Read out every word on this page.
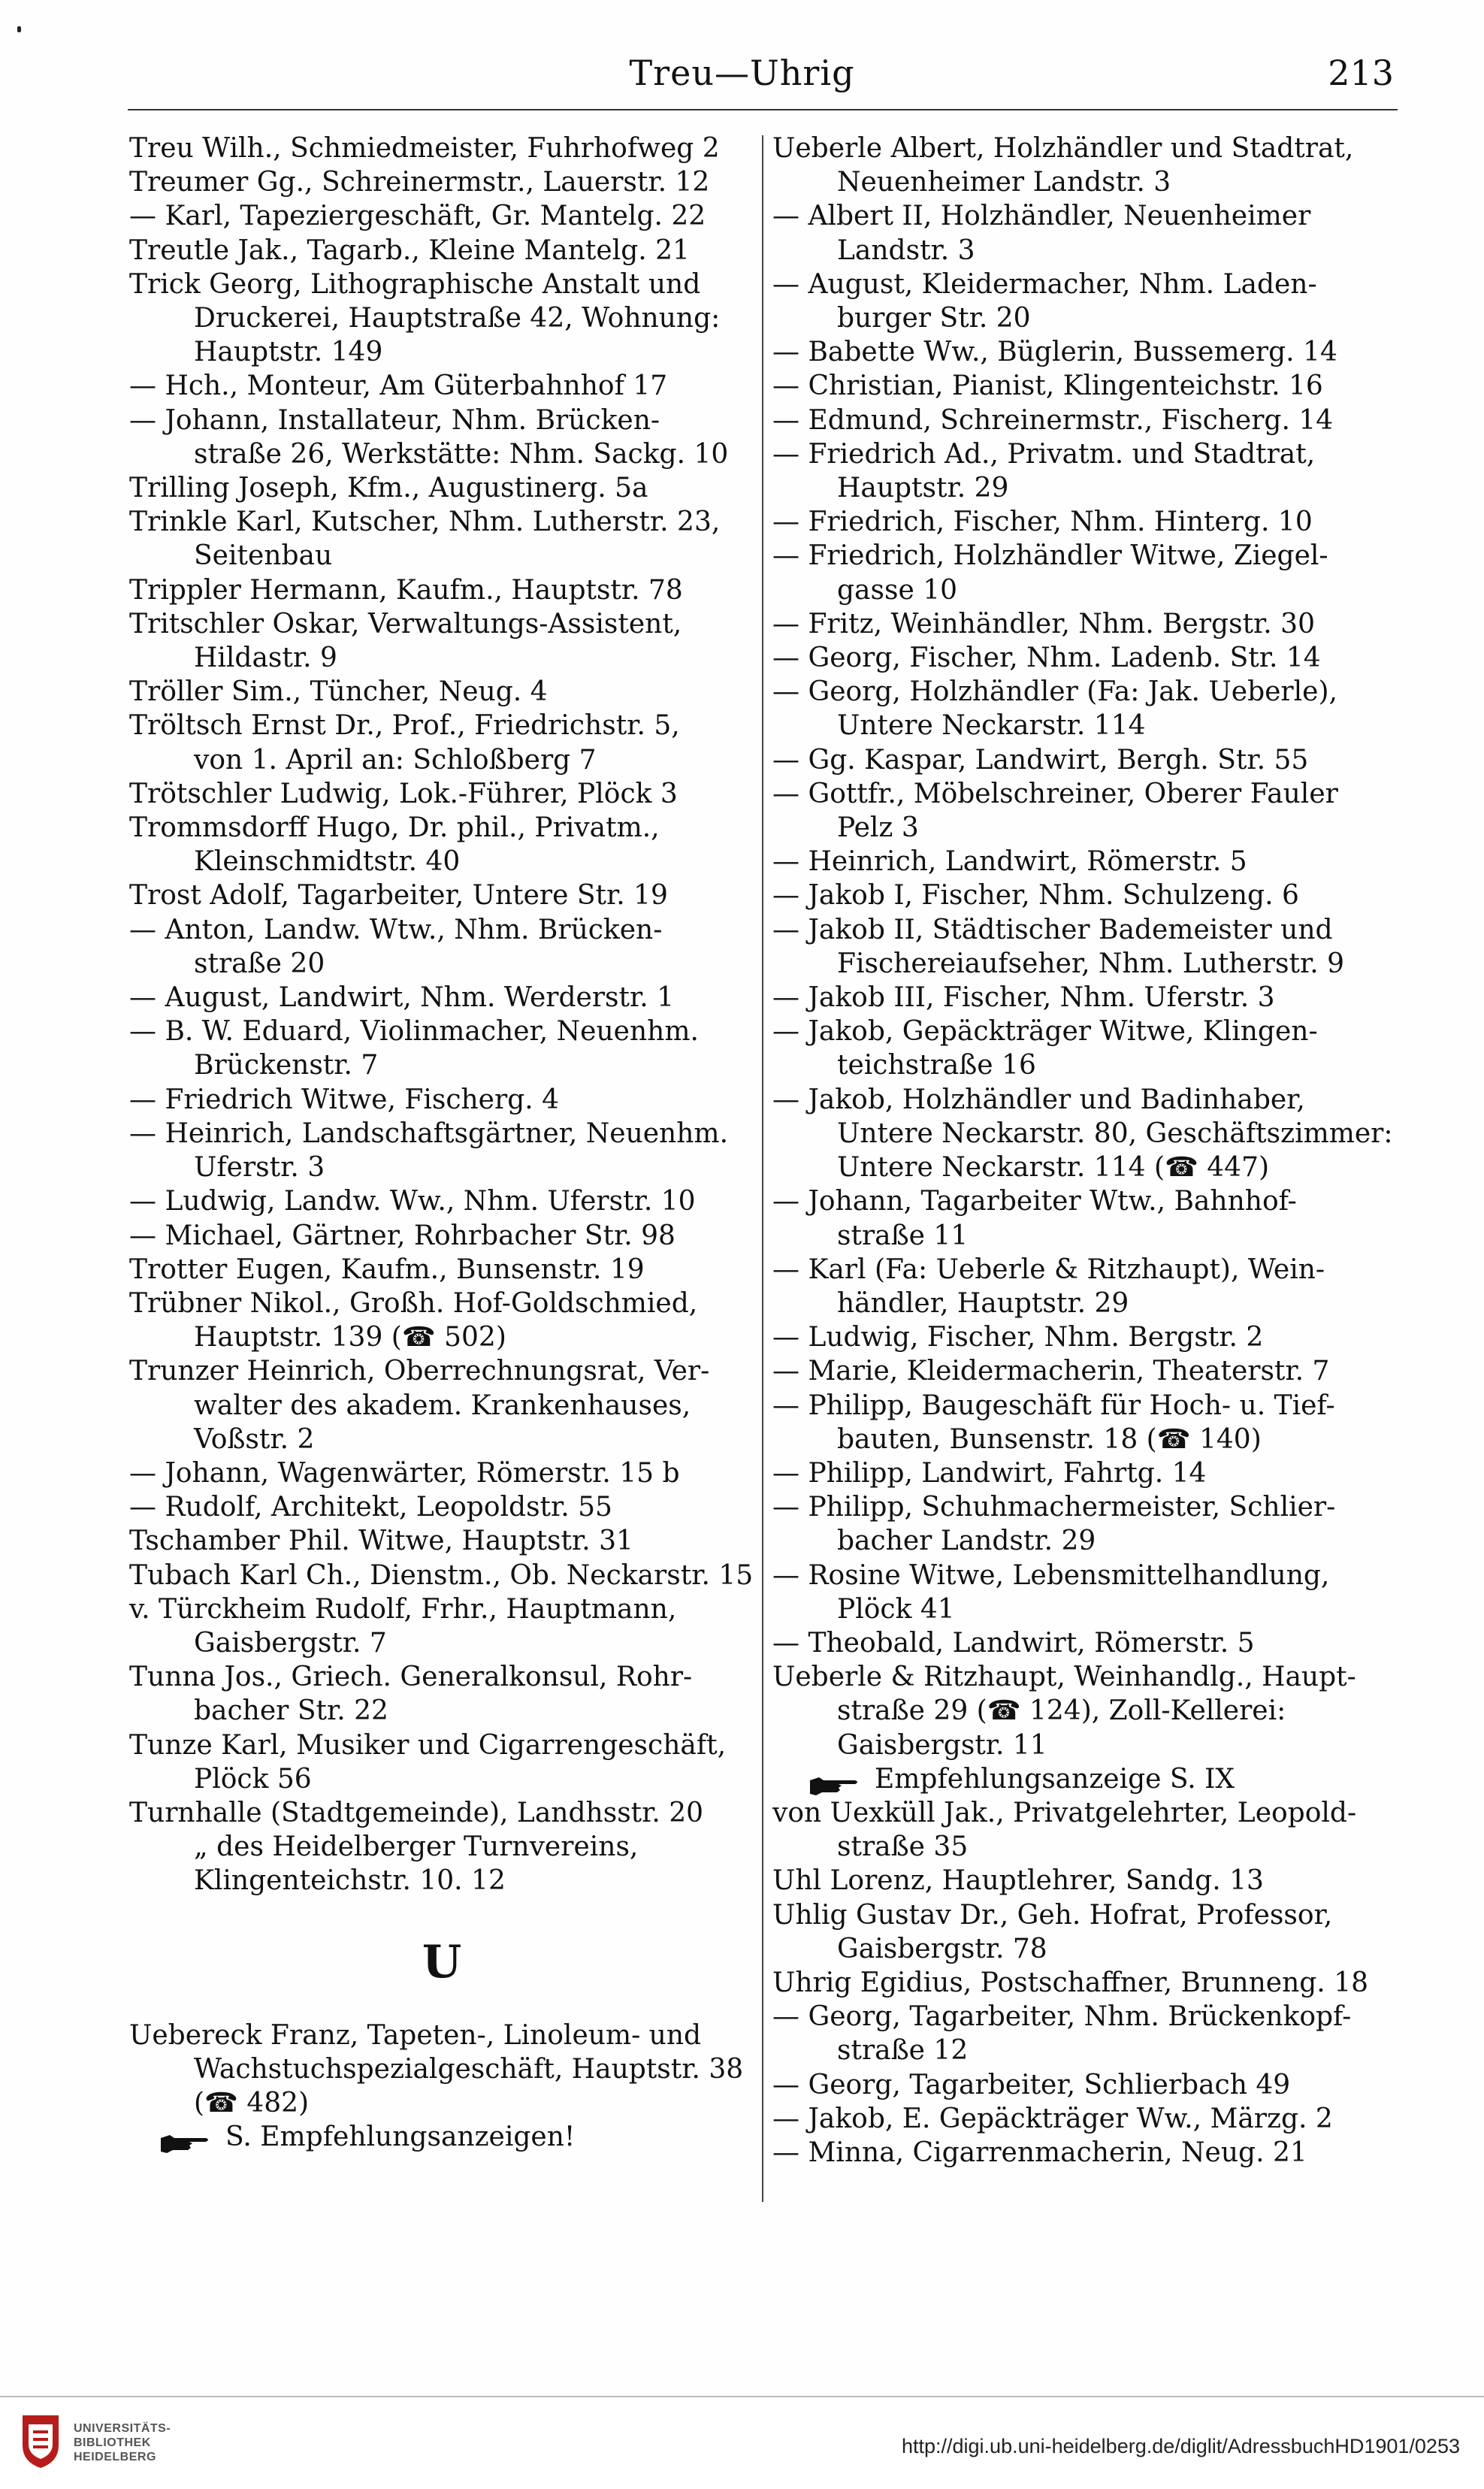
Treu—Uhrig	213
Treu Wilh., Schmiedmeister, Fuhrhofweg 2
Treumer Gg., Schreinermstr., Lauerstr. 12
— Karl, Tapeziergeschäft, Gr. Mantelg. 22
Treutle Jak., Tagarb., Kleine Mantelg. 21
Trick Georg, Lithographische Anstalt und
Druckerei, Hauptstraße 42, Wohnung:
Hauptstr. 149
— Hch., Monteur, Am Güterbahnhof 17
— Johann, Installateur, Nhm. Brücken-
straße 26, Werkstätte: Nhm. Sackg. 10
Trilling Joseph, Kfm., Augustinerg. 5a
Trinkle Karl, Kutscher, Nhm. Lutherstr. 23,
Seitenbau
Trippler Hermann, Kaufm., Hauptstr. 78
Tritschler Oskar, Verwaltungs-Assistent,
Hildastr. 9
Tröller Sim., Tüncher, Neug. 4
Tröltsch Ernst Dr., Prof., Friedrichstr. 5,
von 1. April an: Schloßberg 7
Trötschler Ludwig, Lok.-Führer, Plöck 3
Trommsdorff Hugo, Dr. phil., Privatm.,
Kleinschmidtstr. 40
Trost Adolf, Tagarbeiter, Untere Str. 19
— Anton, Landw. Wtw., Nhm. Brücken-
straße 20
— August, Landwirt, Nhm. Werderstr. 1
— B. W. Eduard, Violinmacher, Neuenhm.
Brückenstr. 7
— Friedrich Witwe, Fischerg. 4
— Heinrich, Landschaftsgärtner, Neuenhm.
Uferstr. 3
— Ludwig, Landw. Ww., Nhm. Uferstr. 10
— Michael, Gärtner, Rohrbacher Str. 98
Trotter Eugen, Kaufm., Bunsenstr. 19
Trübner Nikol., Großh. Hof-Goldschmied,
Hauptstr. 139 (☎ 502)
Trunzer Heinrich, Oberrechnungsrat, Ver-
walter des akadem. Krankenhauses,
Voßstr. 2
— Johann, Wagenwärter, Römerstr. 15 b
— Rudolf, Architekt, Leopoldstr. 55
Tschamber Phil. Witwe, Hauptstr. 31
Tubach Karl Ch., Dienstm., Ob. Neckarstr. 15
v. Türckheim Rudolf, Frhr., Hauptmann,
Gaisbergstr. 7
Tunna Jos., Griech. Generalkonsul, Rohr-
bacher Str. 22
Tunze Karl, Musiker und Cigarrengeschäft,
Plöck 56
Turnhalle (Stadtgemeinde), Landhsstr. 20
„ des Heidelberger Turnvereins,
Klingenteichstr. 10. 12
U
Uebereck Franz, Tapeten-, Linoleum- und
Wachstuchspezialgeschäft, Hauptstr. 38
(☎ 482)
S. Empfehlungsanzeigen!
Ueberle Albert, Holzhändler und Stadtrat,
Neuenheimer Landstr. 3
— Albert II, Holzhändler, Neuenheimer
Landstr. 3
— August, Kleidermacher, Nhm. Laden-
burger Str. 20
— Babette Ww., Büglerin, Bussemerg. 14
— Christian, Pianist, Klingenteichstr. 16
— Edmund, Schreinermstr., Fischerg. 14
— Friedrich Ad., Privatm. und Stadtrat,
Hauptstr. 29
— Friedrich, Fischer, Nhm. Hinterg. 10
— Friedrich, Holzhändler Witwe, Ziegel-
gasse 10
— Fritz, Weinhändler, Nhm. Bergstr. 30
— Georg, Fischer, Nhm. Ladenb. Str. 14
— Georg, Holzhändler (Fa: Jak. Ueberle),
Untere Neckarstr. 114
— Gg. Kaspar, Landwirt, Bergh. Str. 55
— Gottfr., Möbelschreiner, Oberer Fauler
Pelz 3
— Heinrich, Landwirt, Römerstr. 5
— Jakob I, Fischer, Nhm. Schulzeng. 6
— Jakob II, Städtischer Bademeister und
Fischereiaufseher, Nhm. Lutherstr. 9
— Jakob III, Fischer, Nhm. Uferstr. 3
— Jakob, Gepäckträger Witwe, Klingen-
teichstraße 16
— Jakob, Holzhändler und Badinhaber,
Untere Neckarstr. 80, Geschäftszimmer:
Untere Neckarstr. 114 (☎ 447)
— Johann, Tagarbeiter Wtw., Bahnhof-
straße 11
— Karl (Fa: Ueberle & Ritzhaupt), Wein-
händler, Hauptstr. 29
— Ludwig, Fischer, Nhm. Bergstr. 2
— Marie, Kleidermacherin, Theaterstr. 7
— Philipp, Baugeschäft für Hoch- u. Tief-
bauten, Bunsenstr. 18 (☎ 140)
— Philipp, Landwirt, Fahrtg. 14
— Philipp, Schuhmachermeister, Schlier-
bacher Landstr. 29
— Rosine Witwe, Lebensmittelhandlung,
Plöck 41
— Theobald, Landwirt, Römerstr. 5
Ueberle & Ritzhaupt, Weinhandlg., Haupt-
straße 29 (☎ 124), Zoll-Kellerei:
Gaisbergstr. 11
Empfehlungsanzeige S. IX
von Uexküll Jak., Privatgelehrter, Leopold-
straße 35
Uhl Lorenz, Hauptlehrer, Sandg. 13
Uhlig Gustav Dr., Geh. Hofrat, Professor,
Gaisbergstr. 78
Uhrig Egidius, Postschaffner, Brunneng. 18
— Georg, Tagarbeiter, Nhm. Brückenkopf-
straße 12
— Georg, Tagarbeiter, Schlierbach 49
— Jakob, E. Gepäckträger Ww., Märzg. 2
— Minna, Cigarrenmacherin, Neug. 21
UNIVERSITÄTS-
BIBLIOTHEK
HEIDELBERG	http://digi.ub.uni-heidelberg.de/diglit/AdressbuchHD1901/0253
